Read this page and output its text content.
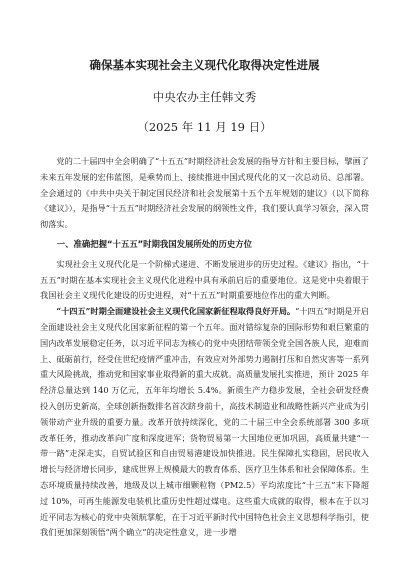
确保基本实现社会主义现代化取得决定性进展
中央农办主任韩文秀
（2025 年 11 月 19 日）

党的二十届四中全会明确了“十五五”时期经济社会发展的指导方针和主要目标，擘画了未来五年发展的宏伟蓝图，是乘势而上、接续推进中国式现代化的又一次总动员、总部署。全会通过的《中共中央关于制定国民经济和社会发展第十五个五年规划的建议》（以下简称《建议》），是指导“十五五”时期经济社会发展的纲领性文件，我们要认真学习领会，深入贯彻落实。

一、准确把握“十五五”时期我国发展所处的历史方位

实现社会主义现代化是一个阶梯式递进、不断发展进步的历史过程。《建议》指出，“十五五”时期在基本实现社会主义现代化进程中具有承前启后的重要地位。这是党中央着眼于我国社会主义现代化建设的历史进程，对“十五五”时期重要地位作出的重大判断。

“十四五”时期全面建设社会主义现代化国家新征程取得良好开局。“十四五”时期是开启全面建设社会主义现代化国家新征程的第一个五年。面对错综复杂的国际形势和艰巨繁重的国内改革发展稳定任务，以习近平同志为核心的党中央团结带领全党全国各族人民，迎难而上、砥砺前行，经受住世纪疫情严重冲击，有效应对外部势力遏制打压和自然灾害等一系列重大风险挑战，推动党和国家事业取得新的重大成就。高质量发展扎实推进，预计 2025 年经济总量达到 140 万亿元，五年年均增长 5.4%。新质生产力稳步发展，全社会研发经费投入创历史新高，全球创新指数排名首次跻身前十，高技术制造业和战略性新兴产业成为引领带动产业升级的重要力量。改革开放持续深化，党的二十届三中全会系统部署 300 多项改革任务，推动改革向广度和深度进军；货物贸易第一大国地位更加巩固，高质量共建“一带一路”走深走实，自贸试验区和自由贸易港建设加快推进。民生保障扎实稳固，居民收入增长与经济增长同步，建成世界上规模最大的教育体系、医疗卫生体系和社会保障体系。生态环境质量持续改善，地级及以上城市细颗粒物（PM2.5）平均浓度比“十三五”末下降超过 10%，可再生能源发电装机比重历史性超过煤电。这些重大成就的取得，根本在于以习近平同志为核心的党中央领航掌舵，在于习近平新时代中国特色社会主义思想科学指引，使我们更加深刻领悟“两个确立”的决定性意义，进一步增
